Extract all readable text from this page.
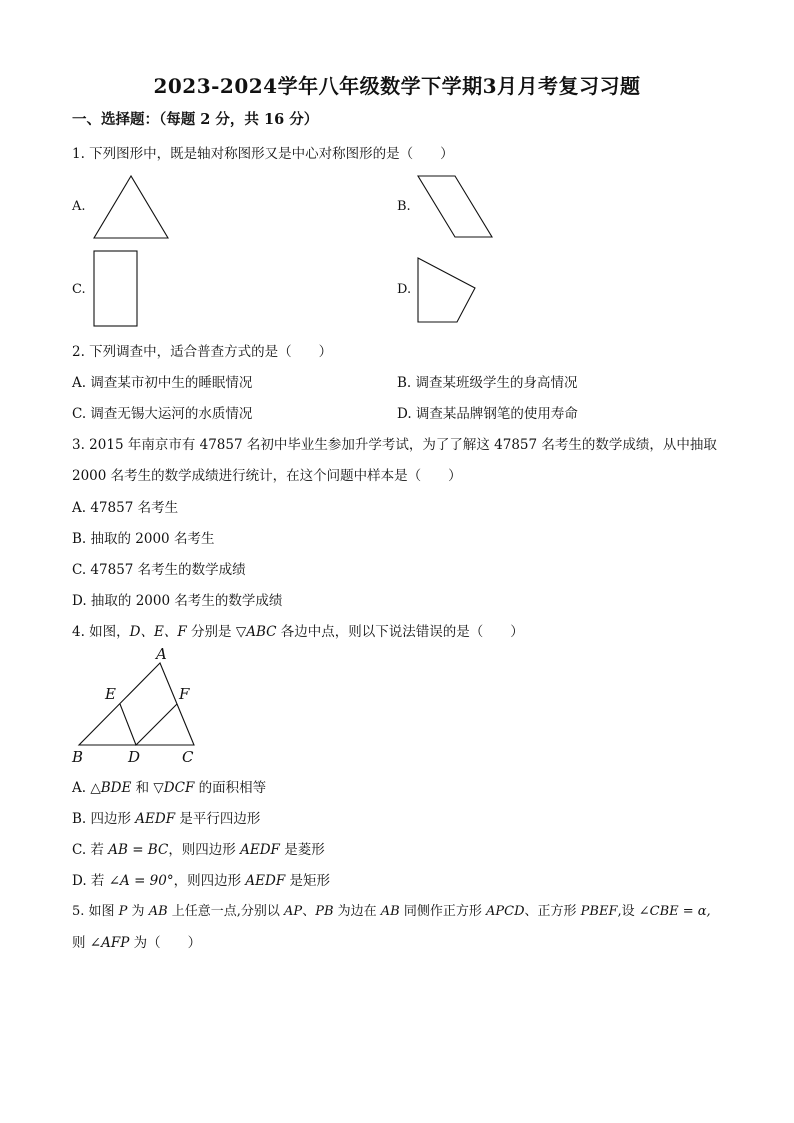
2023-2024学年八年级数学下学期3月月考复习习题
一、选择题：（每题 2 分，共 16 分）
1. 下列图形中，既是轴对称图形又是中心对称图形的是（　　）
A.	B.
C.	D.
2. 下列调查中，适合普查方式的是（　　）
A. 调查某市初中生的睡眠情况	B. 调查某班级学生的身高情况
C. 调查无锡大运河的水质情况	D. 调查某品牌钢笔的使用寿命
3. 2015 年南京市有 47857 名初中毕业生参加升学考试，为了了解这 47857 名考生的数学成绩，从中抽取
2000 名考生的数学成绩进行统计，在这个问题中样本是（　　）
A. 47857 名考生
B. 抽取的 2000 名考生
C. 47857 名考生的数学成绩
D. 抽取的 2000 名考生的数学成绩
4. 如图，D、E、F 分别是 ▽ABC 各边中点，则以下说法错误的是（　　）
A
B	C
D
E	F
A. △BDE 和 ▽DCF 的面积相等
B. 四边形 AEDF 是平行四边形
C. 若 AB = BC，则四边形 AEDF 是菱形
D. 若 ∠A = 90°，则四边形 AEDF 是矩形
5. 如图 P 为 AB 上任意一点,分别以 AP、PB 为边在 AB 同侧作正方形 APCD、正方形 PBEF,设 ∠CBE = α,
则 ∠AFP 为（　　）
